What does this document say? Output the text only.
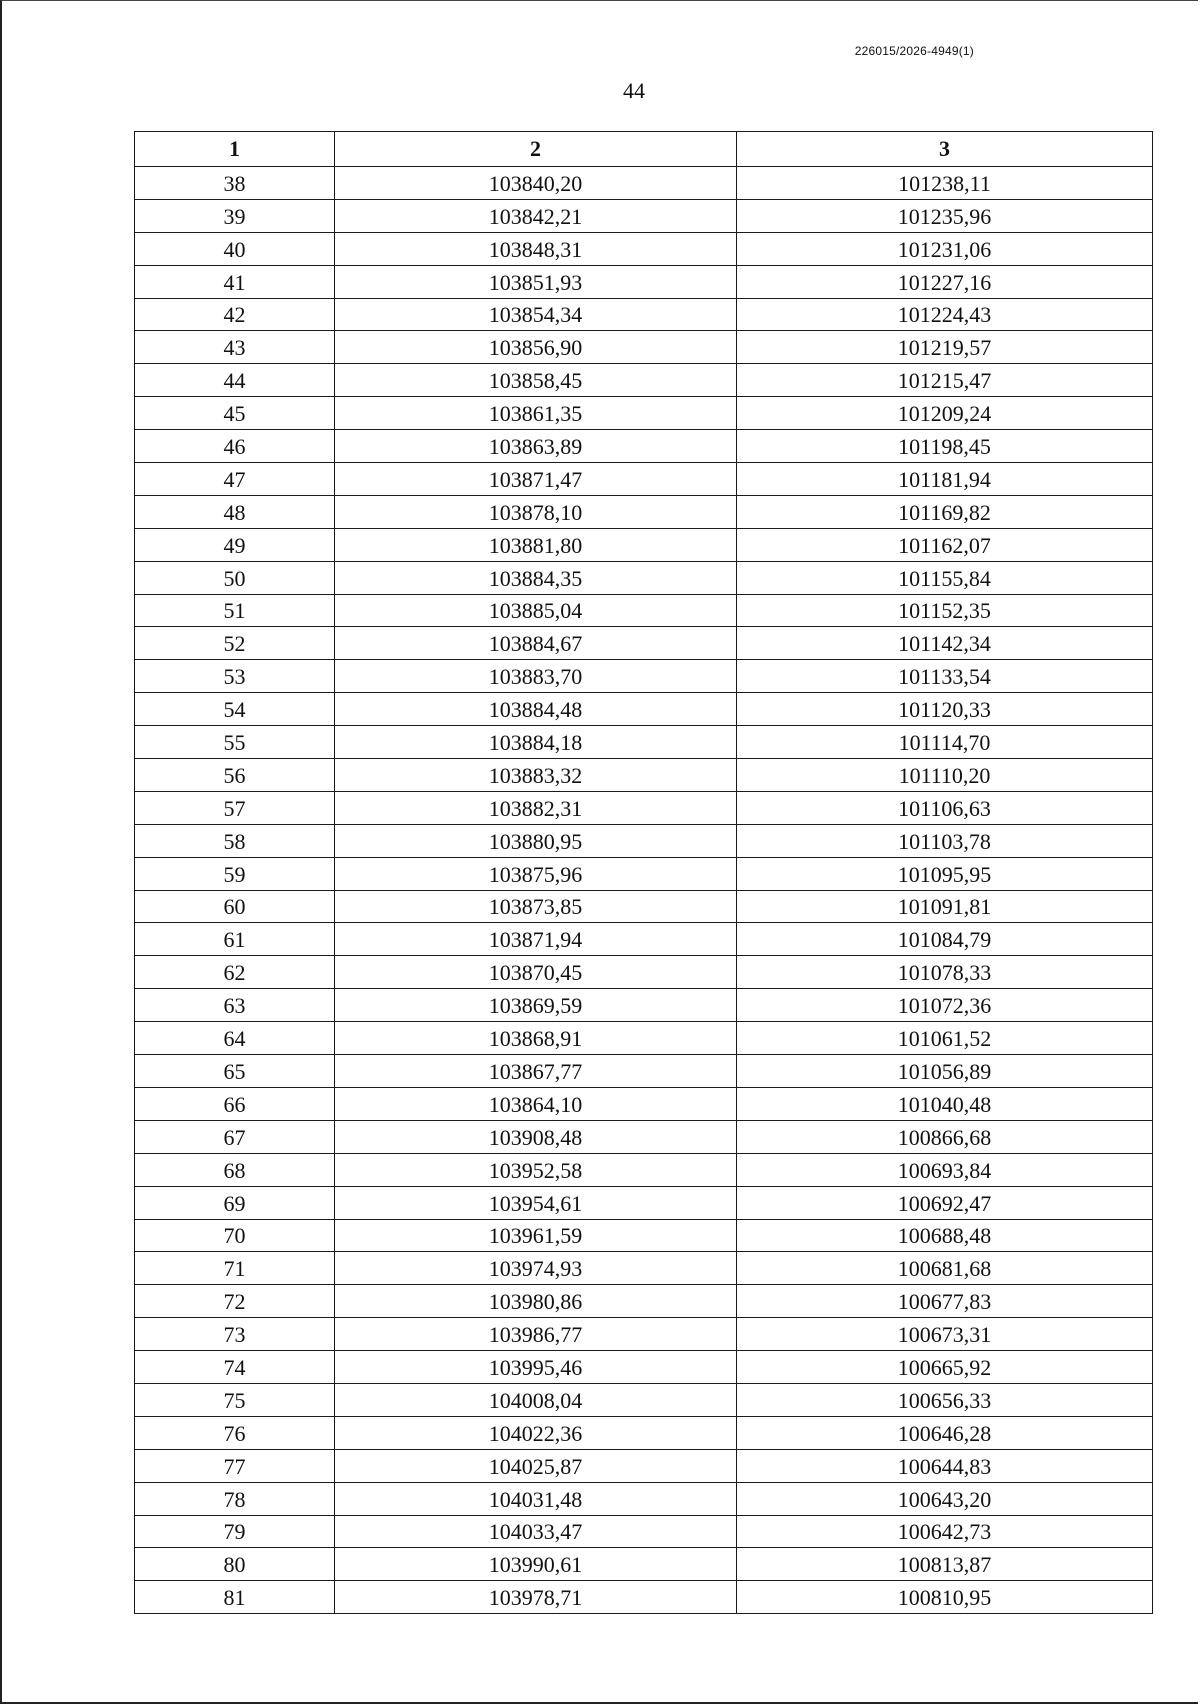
226015/2026-4949(1)
44
1	2	3
38	103840,20	101238,11
39	103842,21	101235,96
40	103848,31	101231,06
41	103851,93	101227,16
42	103854,34	101224,43
43	103856,90	101219,57
44	103858,45	101215,47
45	103861,35	101209,24
46	103863,89	101198,45
47	103871,47	101181,94
48	103878,10	101169,82
49	103881,80	101162,07
50	103884,35	101155,84
51	103885,04	101152,35
52	103884,67	101142,34
53	103883,70	101133,54
54	103884,48	101120,33
55	103884,18	101114,70
56	103883,32	101110,20
57	103882,31	101106,63
58	103880,95	101103,78
59	103875,96	101095,95
60	103873,85	101091,81
61	103871,94	101084,79
62	103870,45	101078,33
63	103869,59	101072,36
64	103868,91	101061,52
65	103867,77	101056,89
66	103864,10	101040,48
67	103908,48	100866,68
68	103952,58	100693,84
69	103954,61	100692,47
70	103961,59	100688,48
71	103974,93	100681,68
72	103980,86	100677,83
73	103986,77	100673,31
74	103995,46	100665,92
75	104008,04	100656,33
76	104022,36	100646,28
77	104025,87	100644,83
78	104031,48	100643,20
79	104033,47	100642,73
80	103990,61	100813,87
81	103978,71	100810,95
